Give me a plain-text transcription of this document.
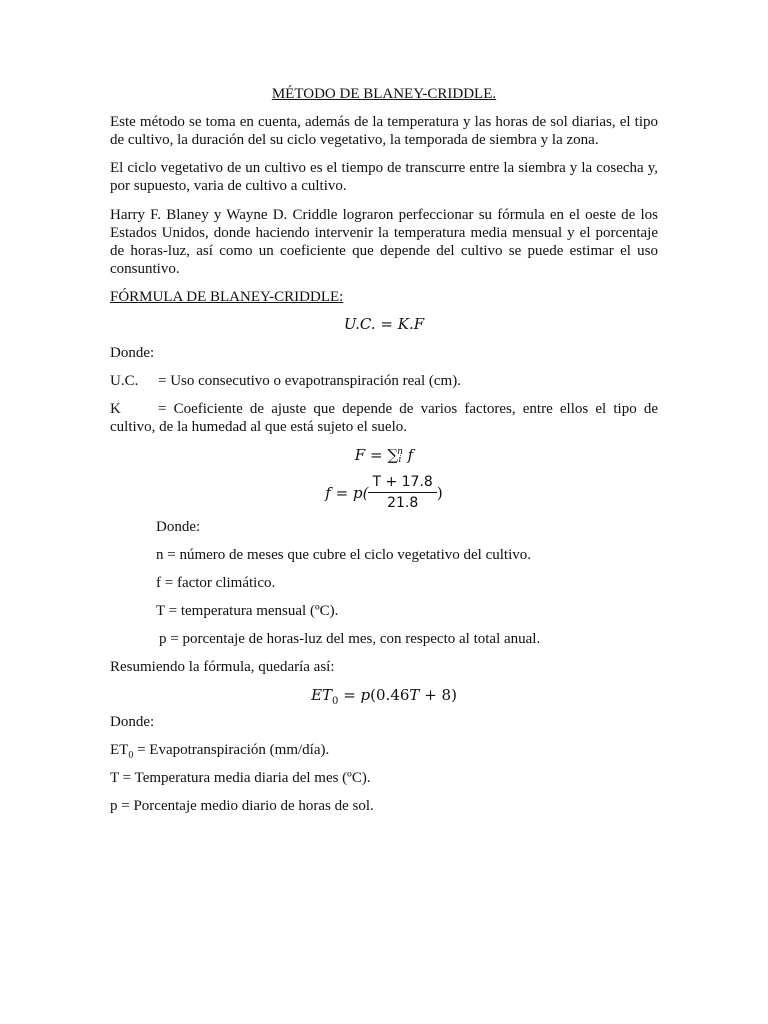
MÉTODO DE BLANEY-CRIDDLE.

Este método se toma en cuenta, además de la temperatura y las horas de sol diarias, el tipo de cultivo, la duración del su ciclo vegetativo, la temporada de siembra y la zona.

El ciclo vegetativo de un cultivo es el tiempo de transcurre entre la siembra y la cosecha y, por supuesto, varia de cultivo a cultivo.

Harry F. Blaney y Wayne D. Criddle lograron perfeccionar su fórmula en el oeste de los Estados Unidos, donde haciendo intervenir la temperatura media mensual y el porcentaje de horas-luz, así como un coeficiente que depende del cultivo se puede estimar el uso consuntivo.

FÓRMULA DE BLANEY-CRIDDLE:
U.C. = K.F
Donde:
U.C. = Uso consecutivo o evapotranspiración real (cm).

K = Coeficiente de ajuste que depende de varios factores, entre ellos el tipo de cultivo, de la humedad al que está sujeto el suelo.

F = ∑ n
i f
$f = p( \frac{T + 17.8}{21.8}$ )
Donde:
n = número de meses que cubre el ciclo vegetativo del cultivo.
f = factor climático.
T = temperatura mensual (ºC).
p = porcentaje de horas-luz del mes, con respecto al total anual.
Resumiendo la fórmula, quedaría así:
$ET_0 = p(0.46T + 8)$
Donde:
$ET_0$ = Evapotranspiración (mm/día).
T = Temperatura media diaria del mes (ºC).
p = Porcentaje medio diario de horas de sol.
